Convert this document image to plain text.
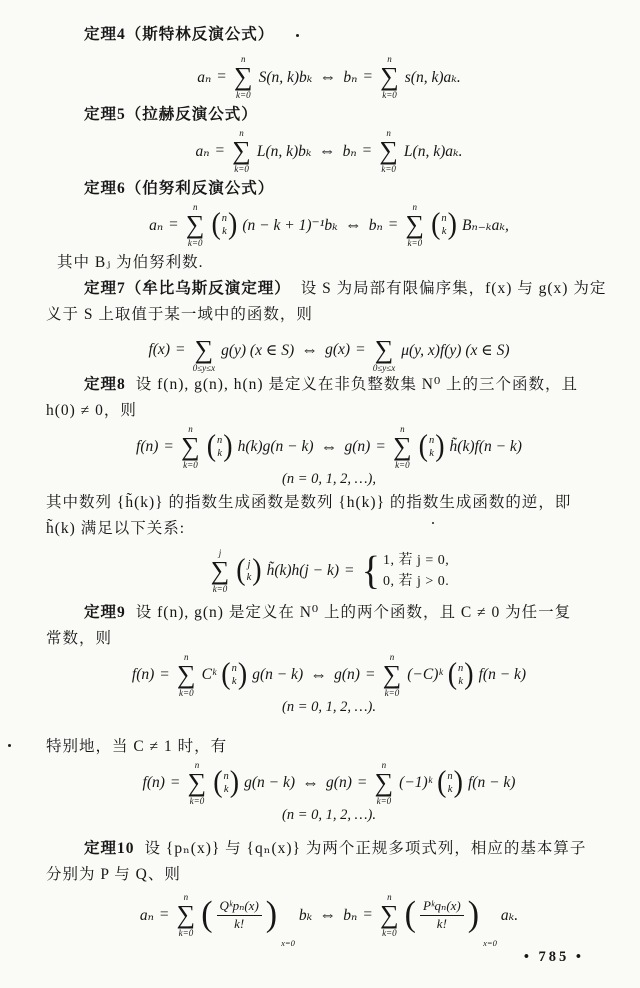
定理4（斯特林反演公式）
aₙ =
n
∑
k=0
S(n, k)bₖ ⇔ bₙ =
n
∑
k=0
s(n, k)aₖ.
定理5（拉赫反演公式）
aₙ =
n
∑
k=0
L(n, k)bₖ ⇔ bₙ =
n
∑
k=0
L(n, k)aₖ.
定理6（伯努利反演公式）
aₙ =
n
∑
k=0
( n
k ) (n − k + 1)⁻¹bₖ ⇔ bₙ =
n
∑
k=0
( n
k ) Bₙ₋ₖaₖ,
其中 Bⱼ 为伯努利数.
定理7（牟比乌斯反演定理） 设 S 为局部有限偏序集，f(x) 与 g(x) 为定
义于 S 上取值于某一域中的函数，则
f(x) = ∑
0≤y≤x
g(y) (x ∈ S) ⇔ g(x) = ∑
0≤y≤x
μ(y, x)f(y) (x ∈ S)
定理8 设 f(n), g(n), h(n) 是定义在非负整数集 N⁰ 上的三个函数，且
h(0) ≠ 0，则
f(n) =
n
∑
k=0
( n
k ) h(k)g(n − k) ⇔ g(n) =
n
∑
k=0
( n
k ) h̃(k)f(n − k)
(n = 0, 1, 2, …),
其中数列 {h̃(k)} 的指数生成函数是数列 {h(k)} 的指数生成函数的逆，即
h̃(k) 满足以下关系:
j
∑
k=0
( j
k ) h̃(k)h(j − k) = { 1, 若 j = 0,
0, 若 j > 0.
定理9 设 f(n), g(n) 是定义在 N⁰ 上的两个函数，且 C ≠ 0 为任一复
常数，则
f(n) =
n
∑
k=0
Cᵏ ( n
k ) g(n − k) ⇔ g(n) =
n
∑
k=0
(−C)ᵏ ( n
k ) f(n − k)
(n = 0, 1, 2, …).
特别地，当 C ≠ 1 时，有
f(n) =
n
∑
k=0
( n
k ) g(n − k) ⇔ g(n) =
n
∑
k=0
(−1)ᵏ ( n
k ) f(n − k)
(n = 0, 1, 2, …).
定理10 设 {pₙ(x)} 与 {qₙ(x)} 为两个正规多项式列，相应的基本算子
分别为 P 与 Q、则
aₙ =
n
∑
k=0 ( $\frac{\text{Qᵏpₙ(x)}}{k!}$ )
x=0
bₖ ⇔ bₙ =
n
∑
k=0 ( $\frac{\text{Pᵏqₙ(x)}}{k!}$ )
x=0
aₖ.
• 785 •
